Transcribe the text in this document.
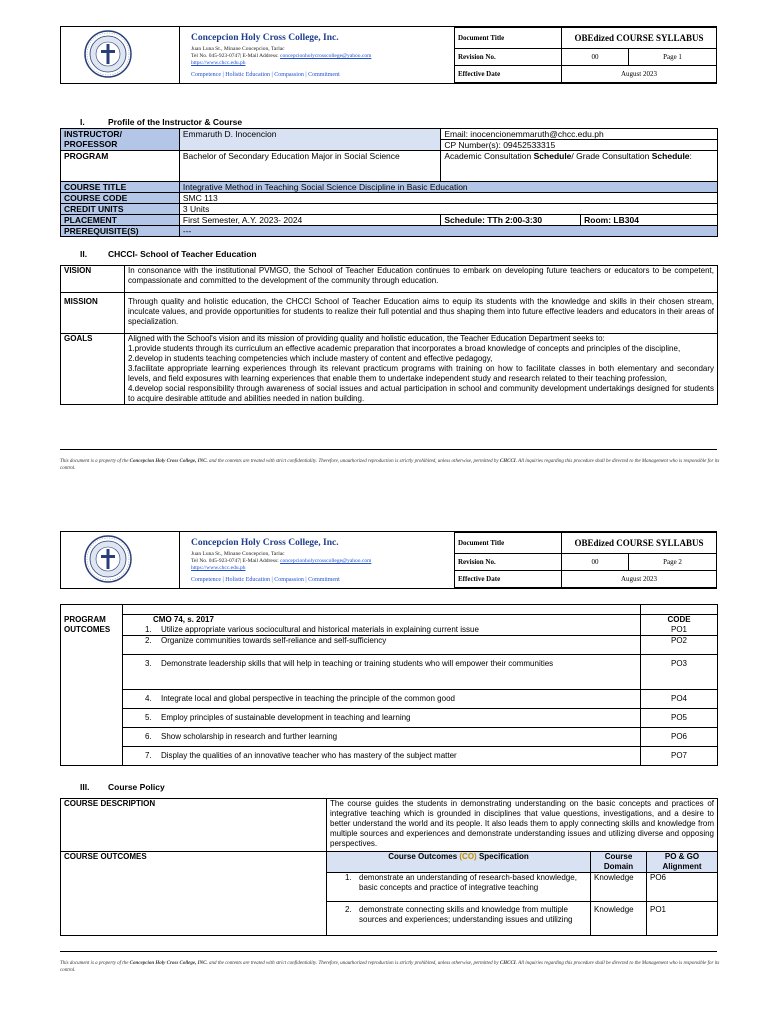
Concepcion Holy Cross College, Inc.
Juan Luna St., Minane Concepcion, Tarlac
Tel No. 045-923-0747| E-Mail Address: concepcionholycrosscollege@yahoo.com
https://www.chcc.edu.ph
Competence | Holistic Education | Compassion | Commitment
Document Title	OBEdized COURSE SYLLABUS	
Revision No.	00	Page 1
Effective Date	August 2023	
I.	Profile of the Instructor & Course
INSTRUCTOR/ PROFESSOR	Emmaruth D. Inocencion	Email: inocencionemmaruth@chcc.edu.ph
CP Number(s): 09452533315	

PROGRAM	Bachelor of Secondary Education Major in Social Science	Academic Consultation Schedule/ Grade Consultation Schedule:	
COURSE TITLE	Integrative Method in Teaching Social Science Discipline in Basic Education		
COURSE CODE	SMC 113		
CREDIT UNITS	3 Units		
PLACEMENT	First Semester, A.Y. 2023- 2024	Schedule: TTh 2:00-3:30	Room: LB304
PREREQUISITE(S)	---		
II. CHCCI- School of Teacher Education
VISION	In consonance with the institutional PVMGO, the School of Teacher Education continues to embark on developing future teachers or educators to be competent, compassionate and committed to the development of the community through education.
MISSION	Through quality and holistic education, the CHCCI School of Teacher Education aims to equip its students with the knowledge and skills in their chosen stream, inculcate values, and provide opportunities for students to realize their full potential and thus shaping them into future effective leaders and educators in their areas of specialization.
GOALS	Aligned with the School's vision and its mission of providing quality and holistic education, the Teacher Education Department seeks to:
1.provide students through its curriculum an effective academic preparation that incorporates a broad knowledge of concepts and principles of the discipline,
2.develop in students teaching competencies which include mastery of content and effective pedagogy,
3.facilitate appropriate learning experiences through its relevant practicum programs with training on how to facilitate classes in both elementary and secondary levels, and field exposures with learning experiences that enable them to undertake independent study and research related to their teaching profession,
4.develop social responsibility through awareness of social issues and actual participation in school and community development undertakings designed for students to acquire desirable attitude and abilities needed in nation building.
This document is a property of the Concepcion Holy Cross College, INC. and the contents are treated with strict confidentiality. Therefore, unauthorized reproduction is strictly prohibited, unless otherwise, permitted by CHCCI. All inquiries regarding this procedure shall be directed to the Management who is responsible for its control.
Concepcion Holy Cross College, Inc.
Juan Luna St., Minane Concepcion, Tarlac
Tel No. 045-923-0747| E-Mail Address: concepcionholycrosscollege@yahoo.com
https://www.chcc.edu.ph
Competence | Holistic Education | Compassion | Commitment
Document Title	OBEdized COURSE SYLLABUS	
Revision No.	00	Page 2
Effective Date	August 2023	

PROGRAM	CMO 74, s. 2017	CODE
OUTCOMES	1. Utilize appropriate various sociocultural and historical materials in explaining current issue	PO1
	2. Organize communities towards self-reliance and self-sufficiency	PO2

	3. Demonstrate leadership skills that will help in teaching or training students who will empower their communities	PO3
	4. Integrate local and global perspective in teaching the principle of the common good	PO4
	5. Employ principles of sustainable development in teaching and learning	PO5
	6. Show scholarship in research and further learning	PO6
	7. Display the qualities of an innovative teacher who has mastery of the subject matter	PO7
III. Course Policy
COURSE DESCRIPTION	The course guides the students in demonstrating understanding on the basic concepts and practices of integrative teaching which is grounded in disciplines that value questions, investigations, and a desire to better understand the world and its people. It also leads them to apply connecting skills and knowledge from multiple sources and experiences and demonstrate understanding issues and utilizing diverse and opposing perspectives.		
COURSE OUTCOMES	Course Outcomes (CO) Specification	Course Domain	PO & GO Alignment

	1. demonstrate an understanding of research-based knowledge, basic concepts and practice of integrative teaching	Knowledge	PO6

	2. demonstrate connecting skills and knowledge from multiple sources and experiences; understanding issues and utilizing	Knowledge	PO1
This document is a property of the Concepcion Holy Cross College, INC. and the contents are treated with strict confidentiality. Therefore, unauthorized reproduction is strictly prohibited, unless otherwise, permitted by CHCCI. All inquiries regarding this procedure shall be directed to the Management who is responsible for its control.
